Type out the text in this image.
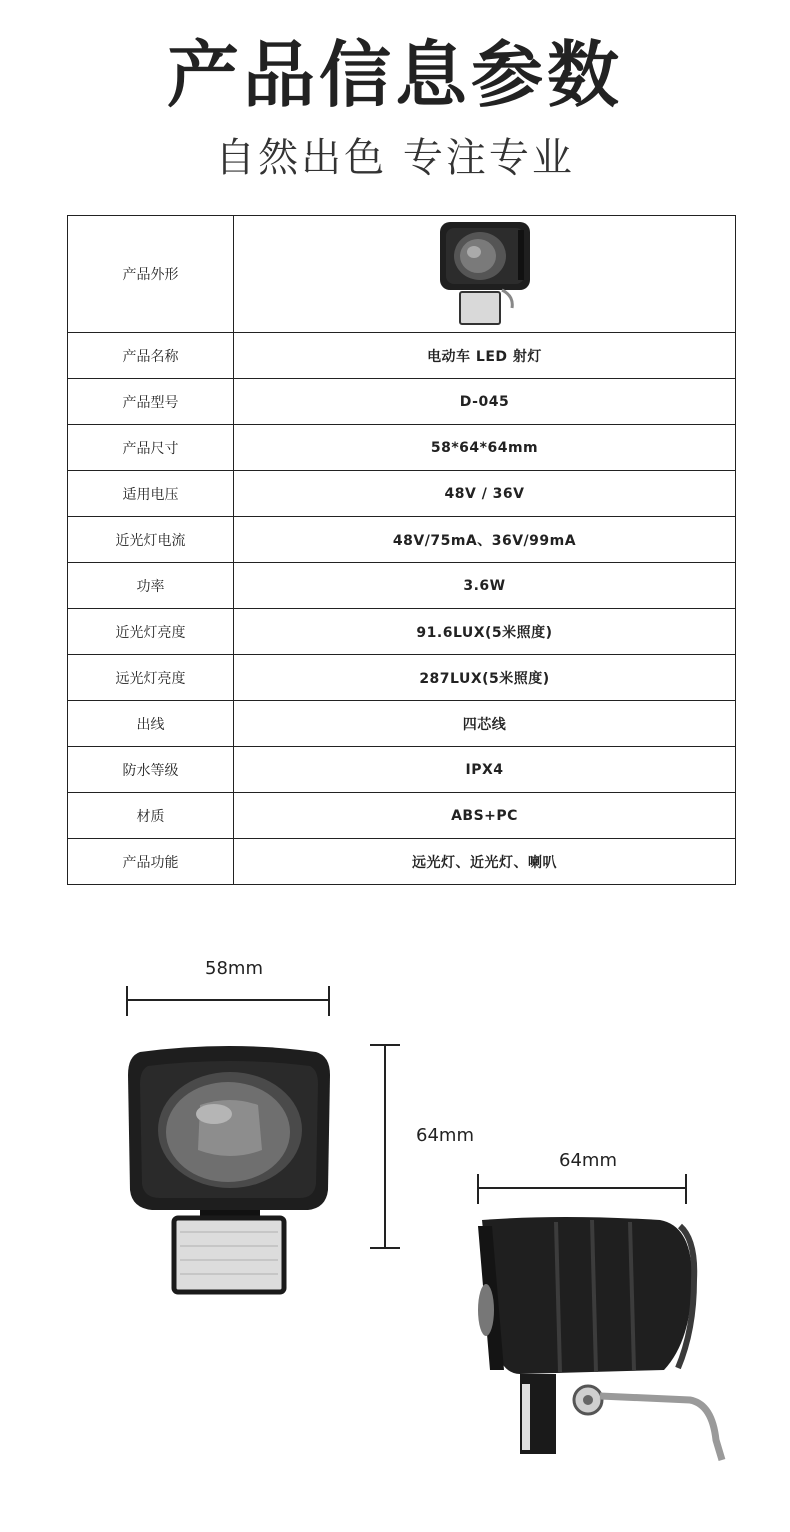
产品信息参数
自然出色 专注专业
产品外形	
产品名称	电动车 LED 射灯
产品型号	D-045
产品尺寸	58*64*64mm
适用电压	48V / 36V
近光灯电流	48V/75mA、36V/99mA
功率	3.6W
近光灯亮度	91.6LUX(5米照度)
远光灯亮度	287LUX(5米照度)
出线	四芯线
防水等级	IPX4
材质	ABS+PC
产品功能	远光灯、近光灯、喇叭
58mm
64mm
64mm
